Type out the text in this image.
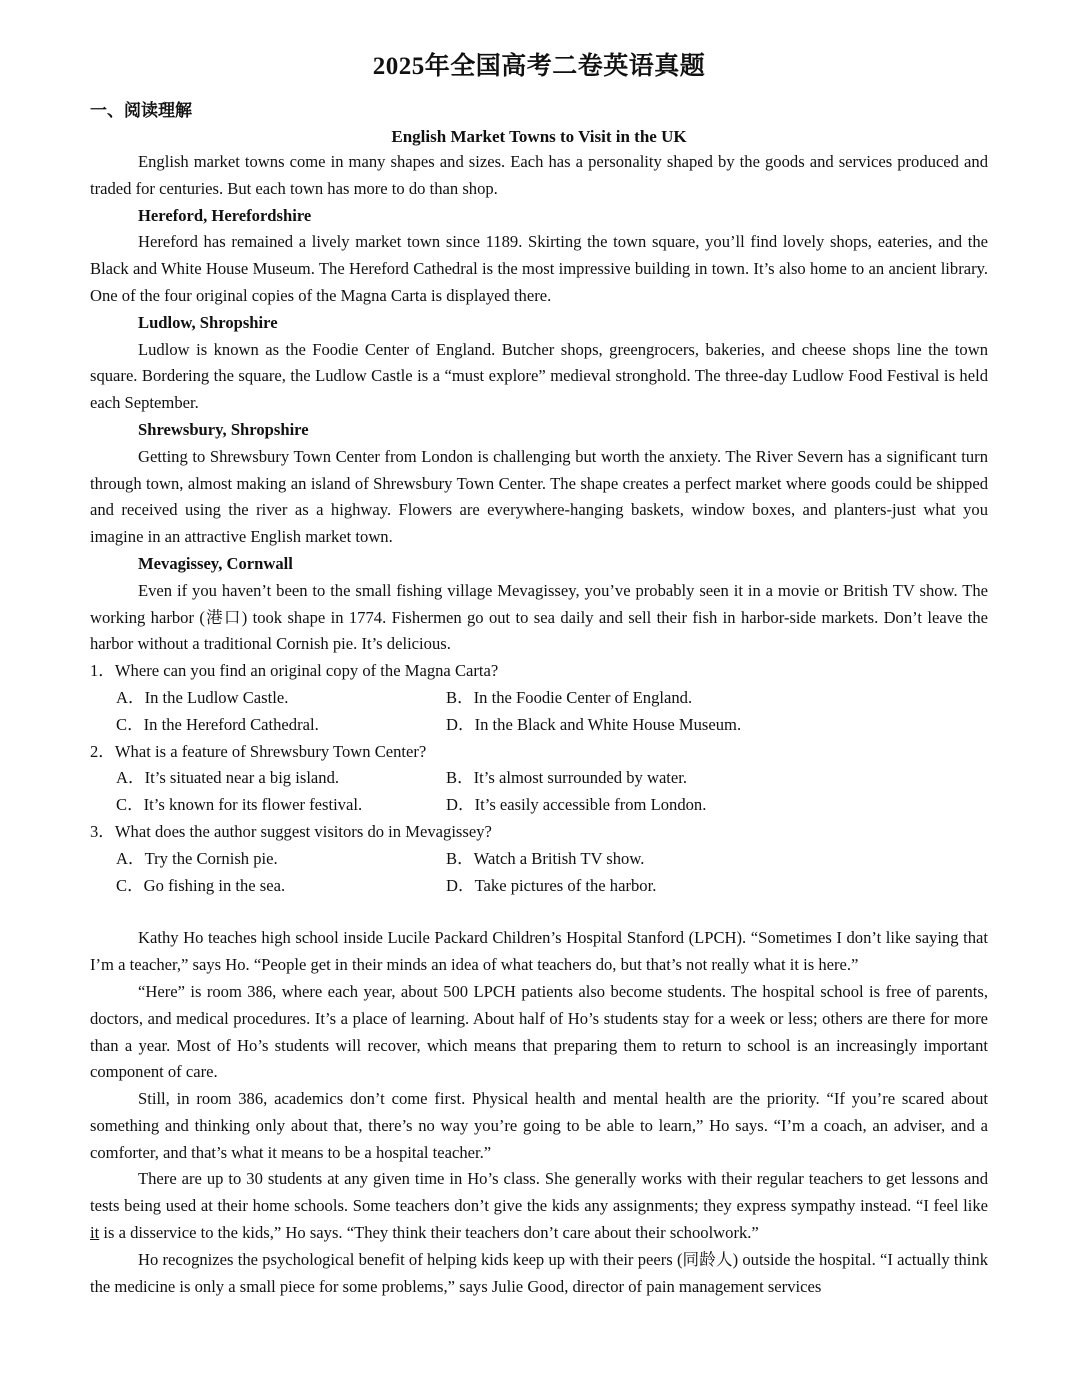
2025年全国高考二卷英语真题
一、阅读理解
English Market Towns to Visit in the UK

English market towns come in many shapes and sizes. Each has a personality shaped by the goods and services produced and traded for centuries. But each town has more to do than shop.

Hereford, Herefordshire

Hereford has remained a lively market town since 1189. Skirting the town square, you’ll find lovely shops, eateries, and the Black and White House Museum. The Hereford Cathedral is the most impressive building in town. It’s also home to an ancient library. One of the four original copies of the Magna Carta is displayed there.

Ludlow, Shropshire

Ludlow is known as the Foodie Center of England. Butcher shops, greengrocers, bakeries, and cheese shops line the town square. Bordering the square, the Ludlow Castle is a “must explore” medieval stronghold. The three-day Ludlow Food Festival is held each September.

Shrewsbury, Shropshire

Getting to Shrewsbury Town Center from London is challenging but worth the anxiety. The River Severn has a significant turn through town, almost making an island of Shrewsbury Town Center. The shape creates a perfect market where goods could be shipped and received using the river as a highway. Flowers are everywhere-hanging baskets, window boxes, and planters-just what you imagine in an attractive English market town.

Mevagissey, Cornwall

Even if you haven’t been to the small fishing village Mevagissey, you’ve probably seen it in a movie or British TV show. The working harbor (港口) took shape in 1774. Fishermen go out to sea daily and sell their fish in harbor-side markets. Don’t leave the harbor without a traditional Cornish pie. It’s delicious.

1．Where can you find an original copy of the Magna Carta?
A．In the Ludlow Castle.	B．In the Foodie Center of England.
C．In the Hereford Cathedral.	D．In the Black and White House Museum.
2．What is a feature of Shrewsbury Town Center?
A．It’s situated near a big island.	B．It’s almost surrounded by water.
C．It’s known for its flower festival.	D．It’s easily accessible from London.
3．What does the author suggest visitors do in Mevagissey?
A．Try the Cornish pie.	B．Watch a British TV show.
C．Go fishing in the sea.	D．Take pictures of the harbor.

Kathy Ho teaches high school inside Lucile Packard Children’s Hospital Stanford (LPCH). “Sometimes I don’t like saying that I’m a teacher,” says Ho. “People get in their minds an idea of what teachers do, but that’s not really what it is here.”

“Here” is room 386, where each year, about 500 LPCH patients also become students. The hospital school is free of parents, doctors, and medical procedures. It’s a place of learning. About half of Ho’s students stay for a week or less; others are there for more than a year. Most of Ho’s students will recover, which means that preparing them to return to school is an increasingly important component of care.

Still, in room 386, academics don’t come first. Physical health and mental health are the priority. “If you’re scared about something and thinking only about that, there’s no way you’re going to be able to learn,” Ho says. “I’m a coach, an adviser, and a comforter, and that’s what it means to be a hospital teacher.”

There are up to 30 students at any given time in Ho’s class. She generally works with their regular teachers to get lessons and tests being used at their home schools. Some teachers don’t give the kids any assignments; they express sympathy instead. “I feel like it is a disservice to the kids,” Ho says. “They think their teachers don’t care about their schoolwork.”

Ho recognizes the psychological benefit of helping kids keep up with their peers (同龄人) outside the hospital. “I actually think the medicine is only a small piece for some problems,” says Julie Good, director of pain management services
